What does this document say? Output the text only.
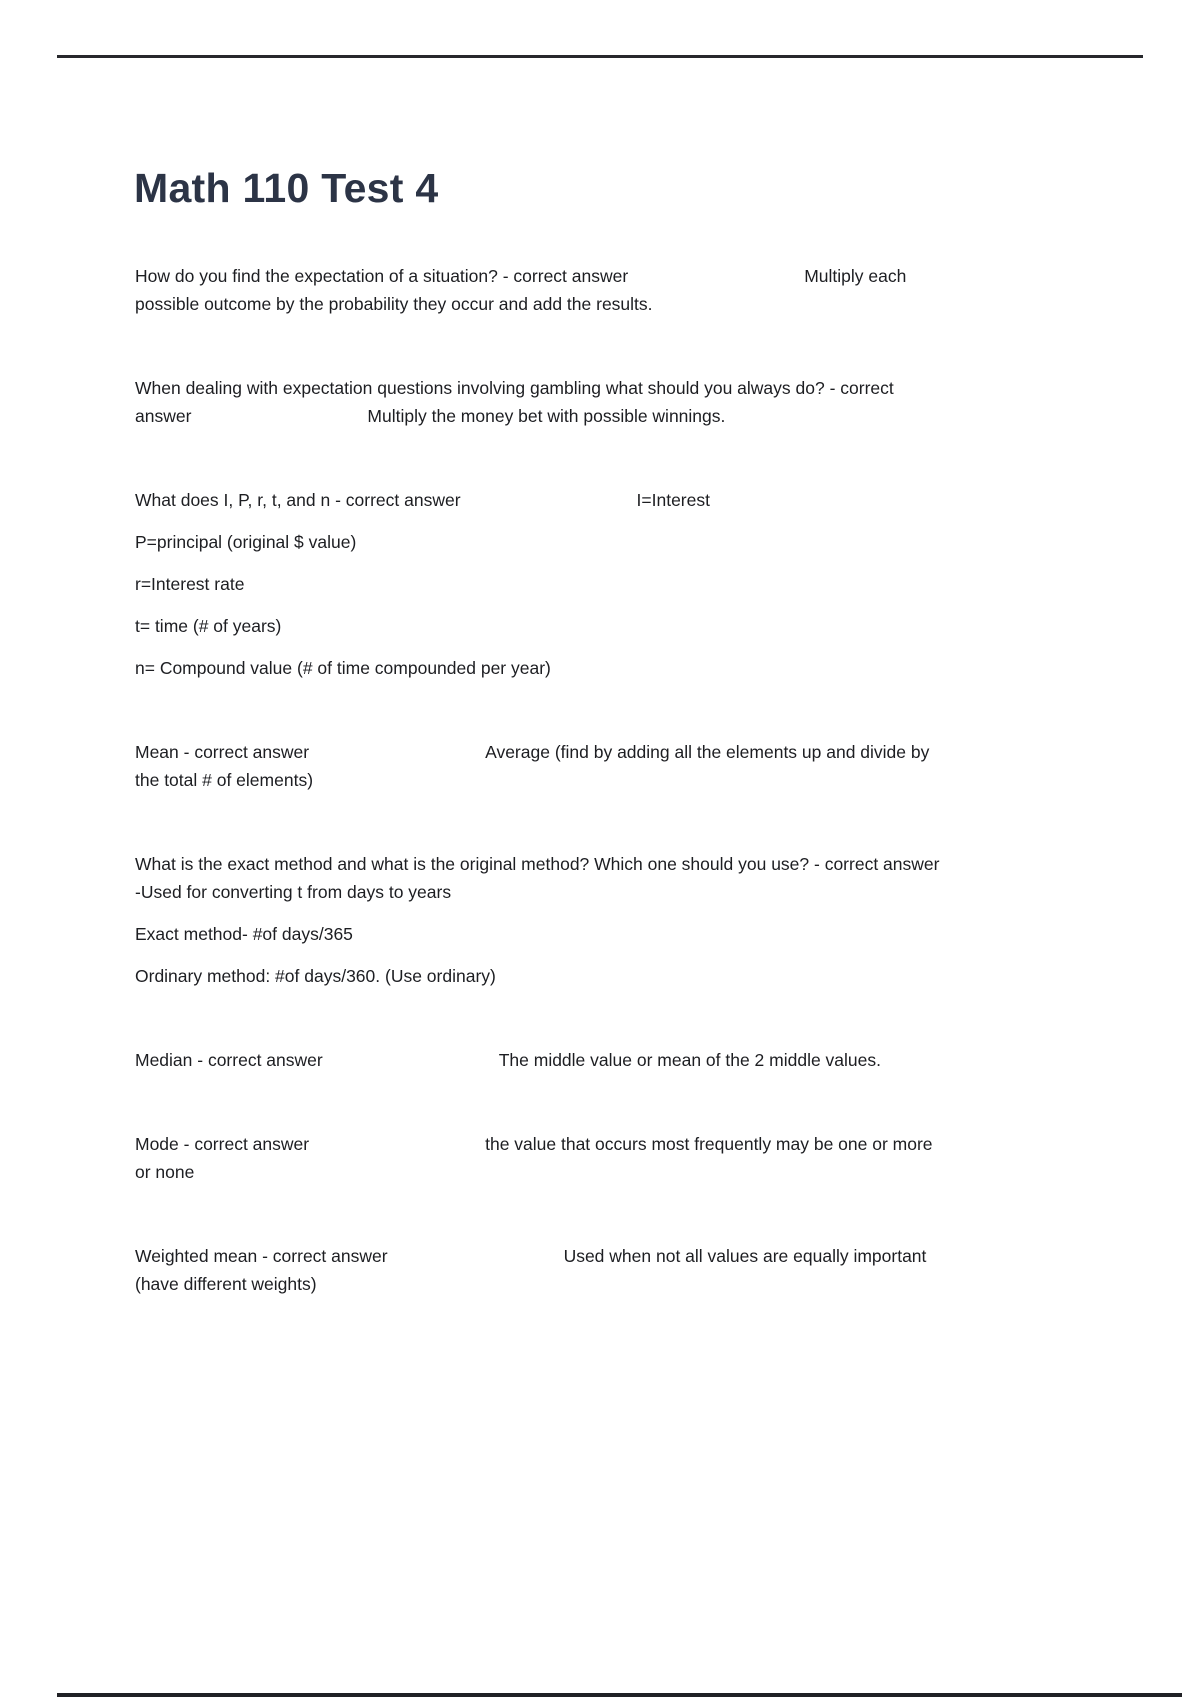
Math 110 Test 4
How do you find the expectation of a situation? - correct answer	Multiply each
possible outcome by the probability they occur and add the results.
When dealing with expectation questions involving gambling what should you always do? - correct
answer	Multiply the money bet with possible winnings.
What does I, P, r, t, and n - correct answer	I=Interest
P=principal (original $ value)
r=Interest rate
t= time (# of years)
n= Compound value (# of time compounded per year)
Mean - correct answer	Average (find by adding all the elements up and divide by
the total # of elements)
What is the exact method and what is the original method? Which one should you use? - correct answer
-Used for converting t from days to years
Exact method- #of days/365
Ordinary method: #of days/360. (Use ordinary)
Median - correct answer	The middle value or mean of the 2 middle values.
Mode - correct answer	the value that occurs most frequently may be one or more
or none
Weighted mean - correct answer	Used when not all values are equally important
(have different weights)
